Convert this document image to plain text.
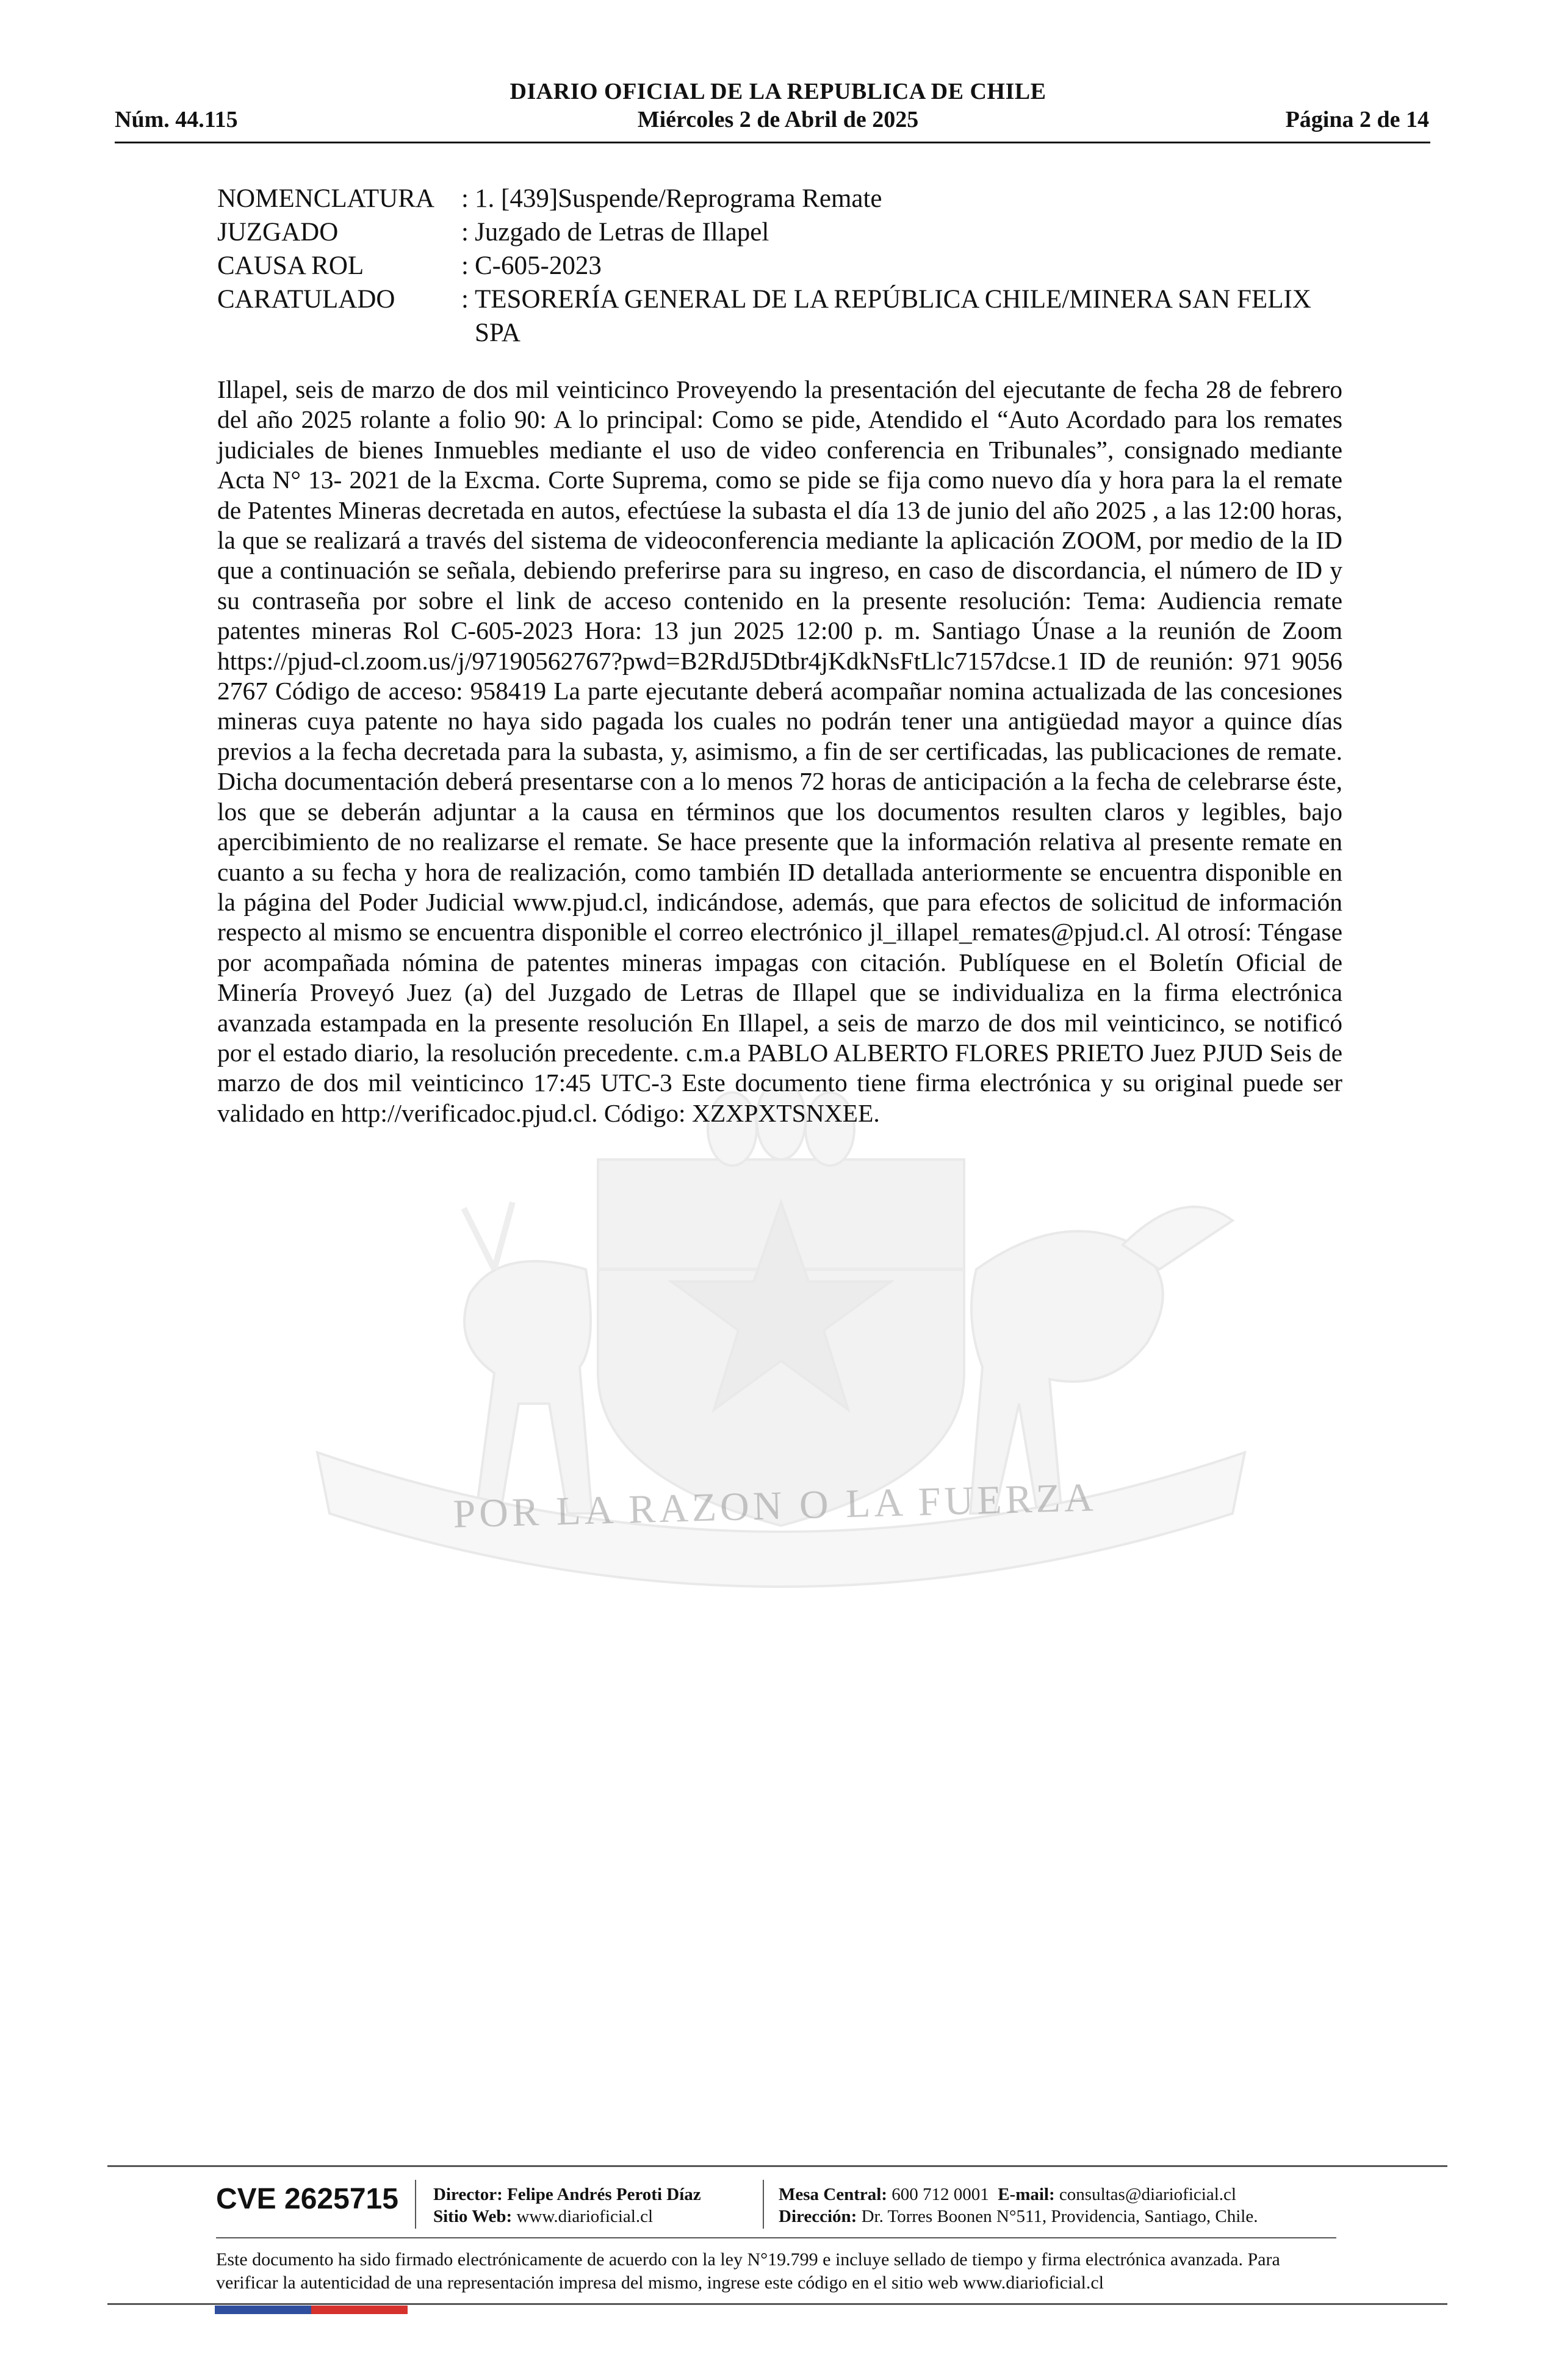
DIARIO OFICIAL DE LA REPUBLICA DE CHILE
Núm. 44.115	Miércoles 2 de Abril de 2025	Página 2 de 14
POR LA RAZON O LA FUERZA
NOMENCLATURA	: 1. [439]Suspende/Reprograma Remate
JUZGADO	: Juzgado de Letras de Illapel
CAUSA ROL	: C-605-2023
CARATULADO	: TESORERÍA GENERAL DE LA REPÚBLICA CHILE/MINERA SAN FELIX SPA

Illapel, seis de marzo de dos mil veinticinco Proveyendo la presentación del ejecutante de fecha 28 de febrero del año 2025 rolante a folio 90: A lo principal: Como se pide, Atendido el “Auto Acordado para los remates judiciales de bienes Inmuebles mediante el uso de video conferencia en Tribunales”, consignado mediante Acta N° 13- 2021 de la Excma. Corte Suprema, como se pide se fija como nuevo día y hora para la el remate de Patentes Mineras decretada en autos, efectúese la subasta el día 13 de junio del año 2025 , a las 12:00 horas, la que se realizará a través del sistema de videoconferencia mediante la aplicación ZOOM, por medio de la ID que a continuación se señala, debiendo preferirse para su ingreso, en caso de discordancia, el número de ID y su contraseña por sobre el link de acceso contenido en la presente resolución: Tema: Audiencia remate patentes mineras Rol C-605-2023 Hora: 13 jun 2025 12:00 p. m. Santiago Únase a la reunión de Zoom https://pjud-cl.zoom.us/j/97190562767?pwd=B2RdJ5Dtbr4jKdkNsFtLlc7157dcse.1 ID de reunión: 971 9056 2767 Código de acceso: 958419 La parte ejecutante deberá acompañar nomina actualizada de las concesiones mineras cuya patente no haya sido pagada los cuales no podrán tener una antigüedad mayor a quince días previos a la fecha decretada para la subasta, y, asimismo, a fin de ser certificadas, las publicaciones de remate. Dicha documentación deberá presentarse con a lo menos 72 horas de anticipación a la fecha de celebrarse éste, los que se deberán adjuntar a la causa en términos que los documentos resulten claros y legibles, bajo apercibimiento de no realizarse el remate. Se hace presente que la información relativa al presente remate en cuanto a su fecha y hora de realización, como también ID detallada anteriormente se encuentra disponible en la página del Poder Judicial www.pjud.cl, indicándose, además, que para efectos de solicitud de información respecto al mismo se encuentra disponible el correo electrónico jl_illapel_remates@pjud.cl. Al otrosí: Téngase por acompañada nómina de patentes mineras impagas con citación. Publíquese en el Boletín Oficial de Minería Proveyó Juez (a) del Juzgado de Letras de Illapel que se individualiza en la firma electrónica avanzada estampada en la presente resolución En Illapel, a seis de marzo de dos mil veinticinco, se notificó por el estado diario, la resolución precedente. c.m.a PABLO ALBERTO FLORES PRIETO Juez PJUD Seis de marzo de dos mil veinticinco 17:45 UTC-3 Este documento tiene firma electrónica y su original puede ser validado en http://verificadoc.pjud.cl. Código: XZXPXTSNXEE.

CVE 2625715 Director: Felipe Andrés Peroti Díaz
Sitio Web: www.diarioficial.cl
Mesa Central: 600 712 0001 E-mail: consultas@diarioficial.cl
Dirección: Dr. Torres Boonen N°511, Providencia, Santiago, Chile.
Este documento ha sido firmado electrónicamente de acuerdo con la ley N°19.799 e incluye sellado de tiempo y firma electrónica avanzada. Para verificar la autenticidad de una representación impresa del mismo, ingrese este código en el sitio web www.diarioficial.cl
